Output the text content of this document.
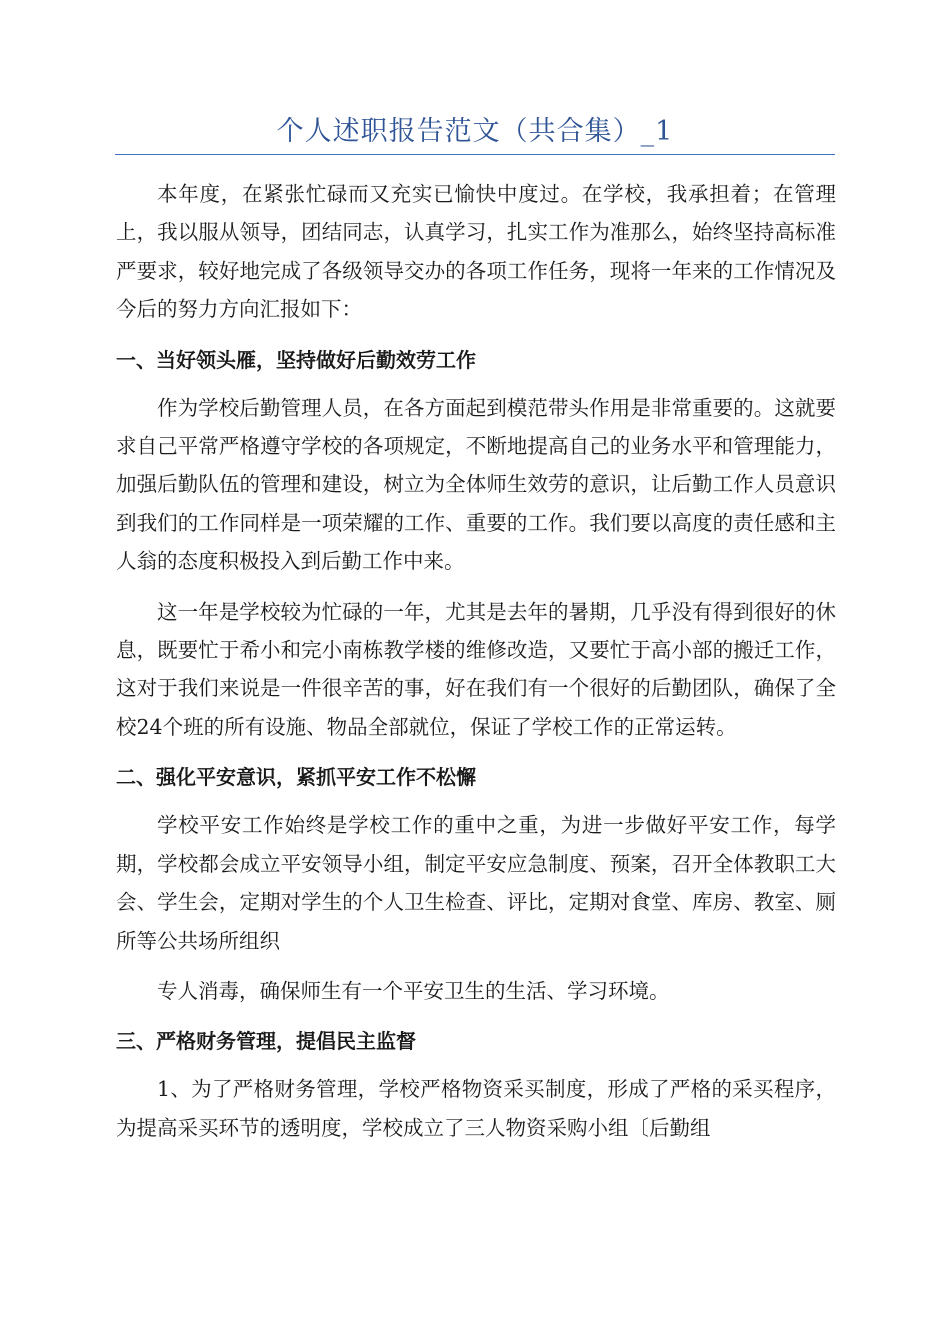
个人述职报告范文（共合集）_1

本年度，在紧张忙碌而又充实已愉快中度过。在学校，我承担着；在管理上，我以服从领导，团结同志，认真学习，扎实工作为准那么，始终坚持高标准严要求，较好地完成了各级领导交办的各项工作任务，现将一年来的工作情况及今后的努力方向汇报如下：

一、当好领头雁，坚持做好后勤效劳工作

作为学校后勤管理人员，在各方面起到模范带头作用是非常重要的。这就要求自己平常严格遵守学校的各项规定，不断地提高自己的业务水平和管理能力，加强后勤队伍的管理和建设，树立为全体师生效劳的意识，让后勤工作人员意识到我们的工作同样是一项荣耀的工作、重要的工作。我们要以高度的责任感和主人翁的态度积极投入到后勤工作中来。

这一年是学校较为忙碌的一年，尤其是去年的暑期，几乎没有得到很好的休息，既要忙于希小和完小南栋教学楼的维修改造，又要忙于高小部的搬迁工作，这对于我们来说是一件很辛苦的事，好在我们有一个很好的后勤团队，确保了全校24个班的所有设施、物品全部就位，保证了学校工作的正常运转。

二、强化平安意识，紧抓平安工作不松懈

学校平安工作始终是学校工作的重中之重，为进一步做好平安工作，每学期，学校都会成立平安领导小组，制定平安应急制度、预案，召开全体教职工大会、学生会，定期对学生的个人卫生检查、评比，定期对食堂、库房、教室、厕所等公共场所组织

专人消毒，确保师生有一个平安卫生的生活、学习环境。

三、严格财务管理，提倡民主监督

1、为了严格财务管理，学校严格物资采买制度，形成了严格的采买程序，为提高采买环节的透明度，学校成立了三人物资采购小组〔后勤组
